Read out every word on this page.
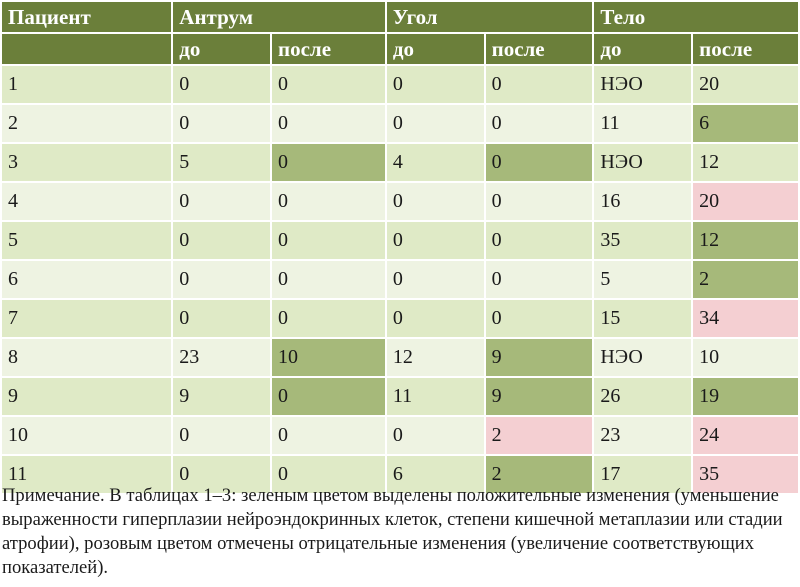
Пациент	Антрум		Угол		Тело	
	до	после	до	после	до	после
1	0	0	0	0	НЭО	20
2	0	0	0	0	11	6
3	5	0	4	0	НЭО	12
4	0	0	0	0	16	20
5	0	0	0	0	35	12
6	0	0	0	0	5	2
7	0	0	0	0	15	34
8	23	10	12	9	НЭО	10
9	9	0	11	9	26	19
10	0	0	0	2	23	24
11	0	0	6	2	17	35
Примечание. В таблицах 1–3: зеленым цветом выделены положительные изменения (уменьшение выраженности гиперплазии нейроэндокринных клеток, степени кишечной метаплазии или стадии атрофии), розовым цветом отмечены отрицательные изменения (увеличение соответствующих показателей).
